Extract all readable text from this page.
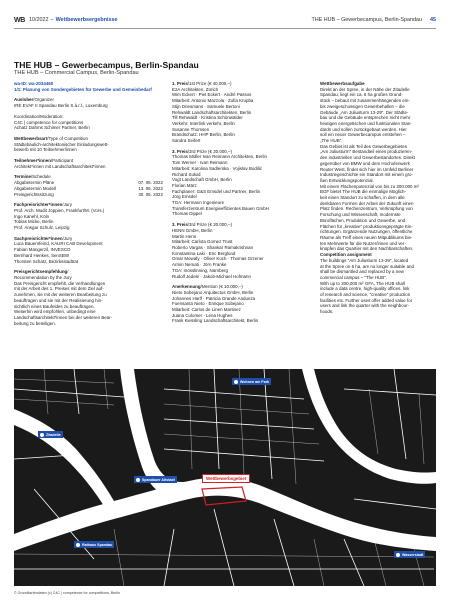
WB 10/2022 – Wettbewerbsergebnisse	THE HUB – Gewerbecampus, Berlin-Spandau 45
THE HUB – Gewerbecampus, Berlin-Spandau
THE HUB – Commercial Campus, Berlin-Spandau

wa-ID: wa-2034460

1/1: Planung von Sondergebieten für Gewerbe und Gemeinbedarf

Auslober/Organizer

IRE EVAF II Spandau Berlin S.à.r.l., Luxemburg

Koordination/Moderation:

C4C | competence for competitions

Achatz Dahms Schimer Partner, Berlin

Wettbewerbsart/Type of Competition

Städtebaulich-architektonischer Einladungswett-

bewerb mit 10 Teilnehmer/innen

Teilnehmer*innen/Participant

Architekt*innen mit Landschaftsarchitekt*innen

Termine/Schedule

Abgabetermin Pläne	07. 06. 2022
Abgabetermin Modell	13. 06. 2022
Preisgerichtssitzung	30. 06. 2022

Fachpreisrichter*innen/Jury

Prof. Arch. Mudit Jöppien, Frankfurt/M. (Vors.)

Ingo Kanehl, Köln

Tobias Micke, Berlin

Prof. Ansgar Schulz, Leipzig

Sachpreisrichter*innen/Jury

Luca Bauernfeind, KAURI CAB Development

Fabian Mangerzil, INVESCO

Bernhard Henkes, SenSBW

Thorsten Schatz, Bezirksstadtrat

Preisgerichtsempfehlung/

Recommendation by the Jury

Das Preisgericht empfiehlt, die Verhandlungen

mit der Arbeit des 1. Preises mit dem Ziel auf-

zunehmen, sie mit der weiteren Bearbeitung zu

beauftragen und sie mit der Realisierung hin-

sichtlich eines Baufeldes zu beauftragen.

Weiterhin wird empfohlen, unbedingt eine

Landschaftsarchitekt*innen bei der weiteren Bear-

beitung zu beteiligen.

1. Preis/1st Prize (€ 40.000,–)

E2A Architekten, Zürich

Wim Eckert · Piet Eckert · André Passos

Mitarbeit: Antonio Mazzola · Zofia Krupba

Stijn Driesmans · Samuele Bertoni

Rehwaldt Landschaftsarchitekten, Berlin

Till Rehwaldt · Kristina Schönwälder

Verkehr: Interlink verkehr, Berlin

Susanne Thomsen

Brandschutz: HHP Berlin, Berlin

Sandra Seifert

3. Preis/3rd Prize (€ 20.000,–)

Thomas Müller Ivan Reimann Architekten, Berlin

Tom Werner · Ivan Reimann

Mitarbeit: Karolina Sadlerska · Vojislav Bodilić

Richard Sukač

Vogt Landschaft GmbH, Berlin

Florian März

Fachplaner: G&S Emsdel und Partner, Berlin

Jörg Emsdel

TGA: Hermann Ingenieure

Transferzentrum Energieeffizientes Bauen GmbH

Thomas Dippel

3. Preis/3rd Prize (€ 20.000,–)

HENN GmbH, Berlin

Martin Henn

Mitarbeit: Carlota Gomez Trust

Roberto Vargas · Shankar Ramakrishnan

Konstantina Laki · Eric Berglund

Omar Mowafy · Oliver Koch · Thomas Grzener

Armin Nemati · Jörn Franke

TGA: mösslinning, Nürnberg

Rudolf Jedele · Jakob-Michael Hofmann

Anerkennung/Mention (€ 10.000,–)

Nieto Sobejano Arquitectos GmbH, Berlin

Johannes Harlf · Patricia Grande Andueza

Fuensanta Nieto · Enrique Sobejano

Mitarbeit: Carlos de Linen Martinez

Juana Colomer · Lena Hughes

Frank Kiessling Landschaftsarchitekt, Berlin

Wettbewerbsaufgabe

Direkt an der Spree, in der Nähe der Zitadelle

Spandau, liegt ein ca. 6 ha großes Grund-

stück – bebaut mit zusammenhängenden ein-

bis zweigeschossigen Gewerbehallen – die

Gebäude „Am Juliusturm 13-29". Der Städte-

bau und die Gebäude entsprechen nicht mehr

heutigen energetischen und funktionalen Stan-

dards und sollen zurückgebaut werden. Hier

soll ein neuer Gewerbecampus entstehen –

„The HUB".

Das Gebiet ist als Teil des Gewerbegebietes

„Am Juliusturm" Bestandteil eines produzieren-

den industriellen und Gewerbestandortes. Direkt

gegenüber von BMW und dem Hochofenwerk

Reuter West, findet sich hier im Umfeld Berliner

Industriegeschichte ein Standort mit einem gro-

ßen Entwicklungspotenzial.

Mit einem Flächenpotenzial von bis zu 200.000 m²

BGF bietet The HUB die einmalige Möglich-

keit einen Standort zu schaffen, in dem alle

denkbaren Formen der Arbeit der Zukunft einen

Platz finden. Rechenzentrum, Verknüpfung von

Forschung und Wissenschaft, modernste

Büroflächen, Produktion und Gewerbe, und

Flächen für „kreative" produktionsgeprägte Ein-

richtungen. Ergänzende Nutzungen, öffentliche

Räume als Treff eines neuen Mitpublikums bie-

ten Mehrwerte für die Nutzer/innen und ver-

knüpfen das Quartier mit den Nachbarschaften.

Competition assignment

The buildings "Am Juliusturm 13-29", located

at the Spree on 6 ha, are no longer suitable and

shall be dismantled and replaced by a new

commercial campus – "The HUB".

With up to 200,000 m² GFA, The HUB shall

include a data centre, high-quality offices, link

of research and science, "creative" production

facilities etc. Further uses offer added value for

users and link the quarter with the neighbour-

hoods.

Wohnen am Park
Zitadelle
Spandauer Altstadt
Rathaus Spandau
Wasserstadt
Wettbewerbsgebiet
© Grundkartendaten (c) C4C | competence for competitions, Berlin
